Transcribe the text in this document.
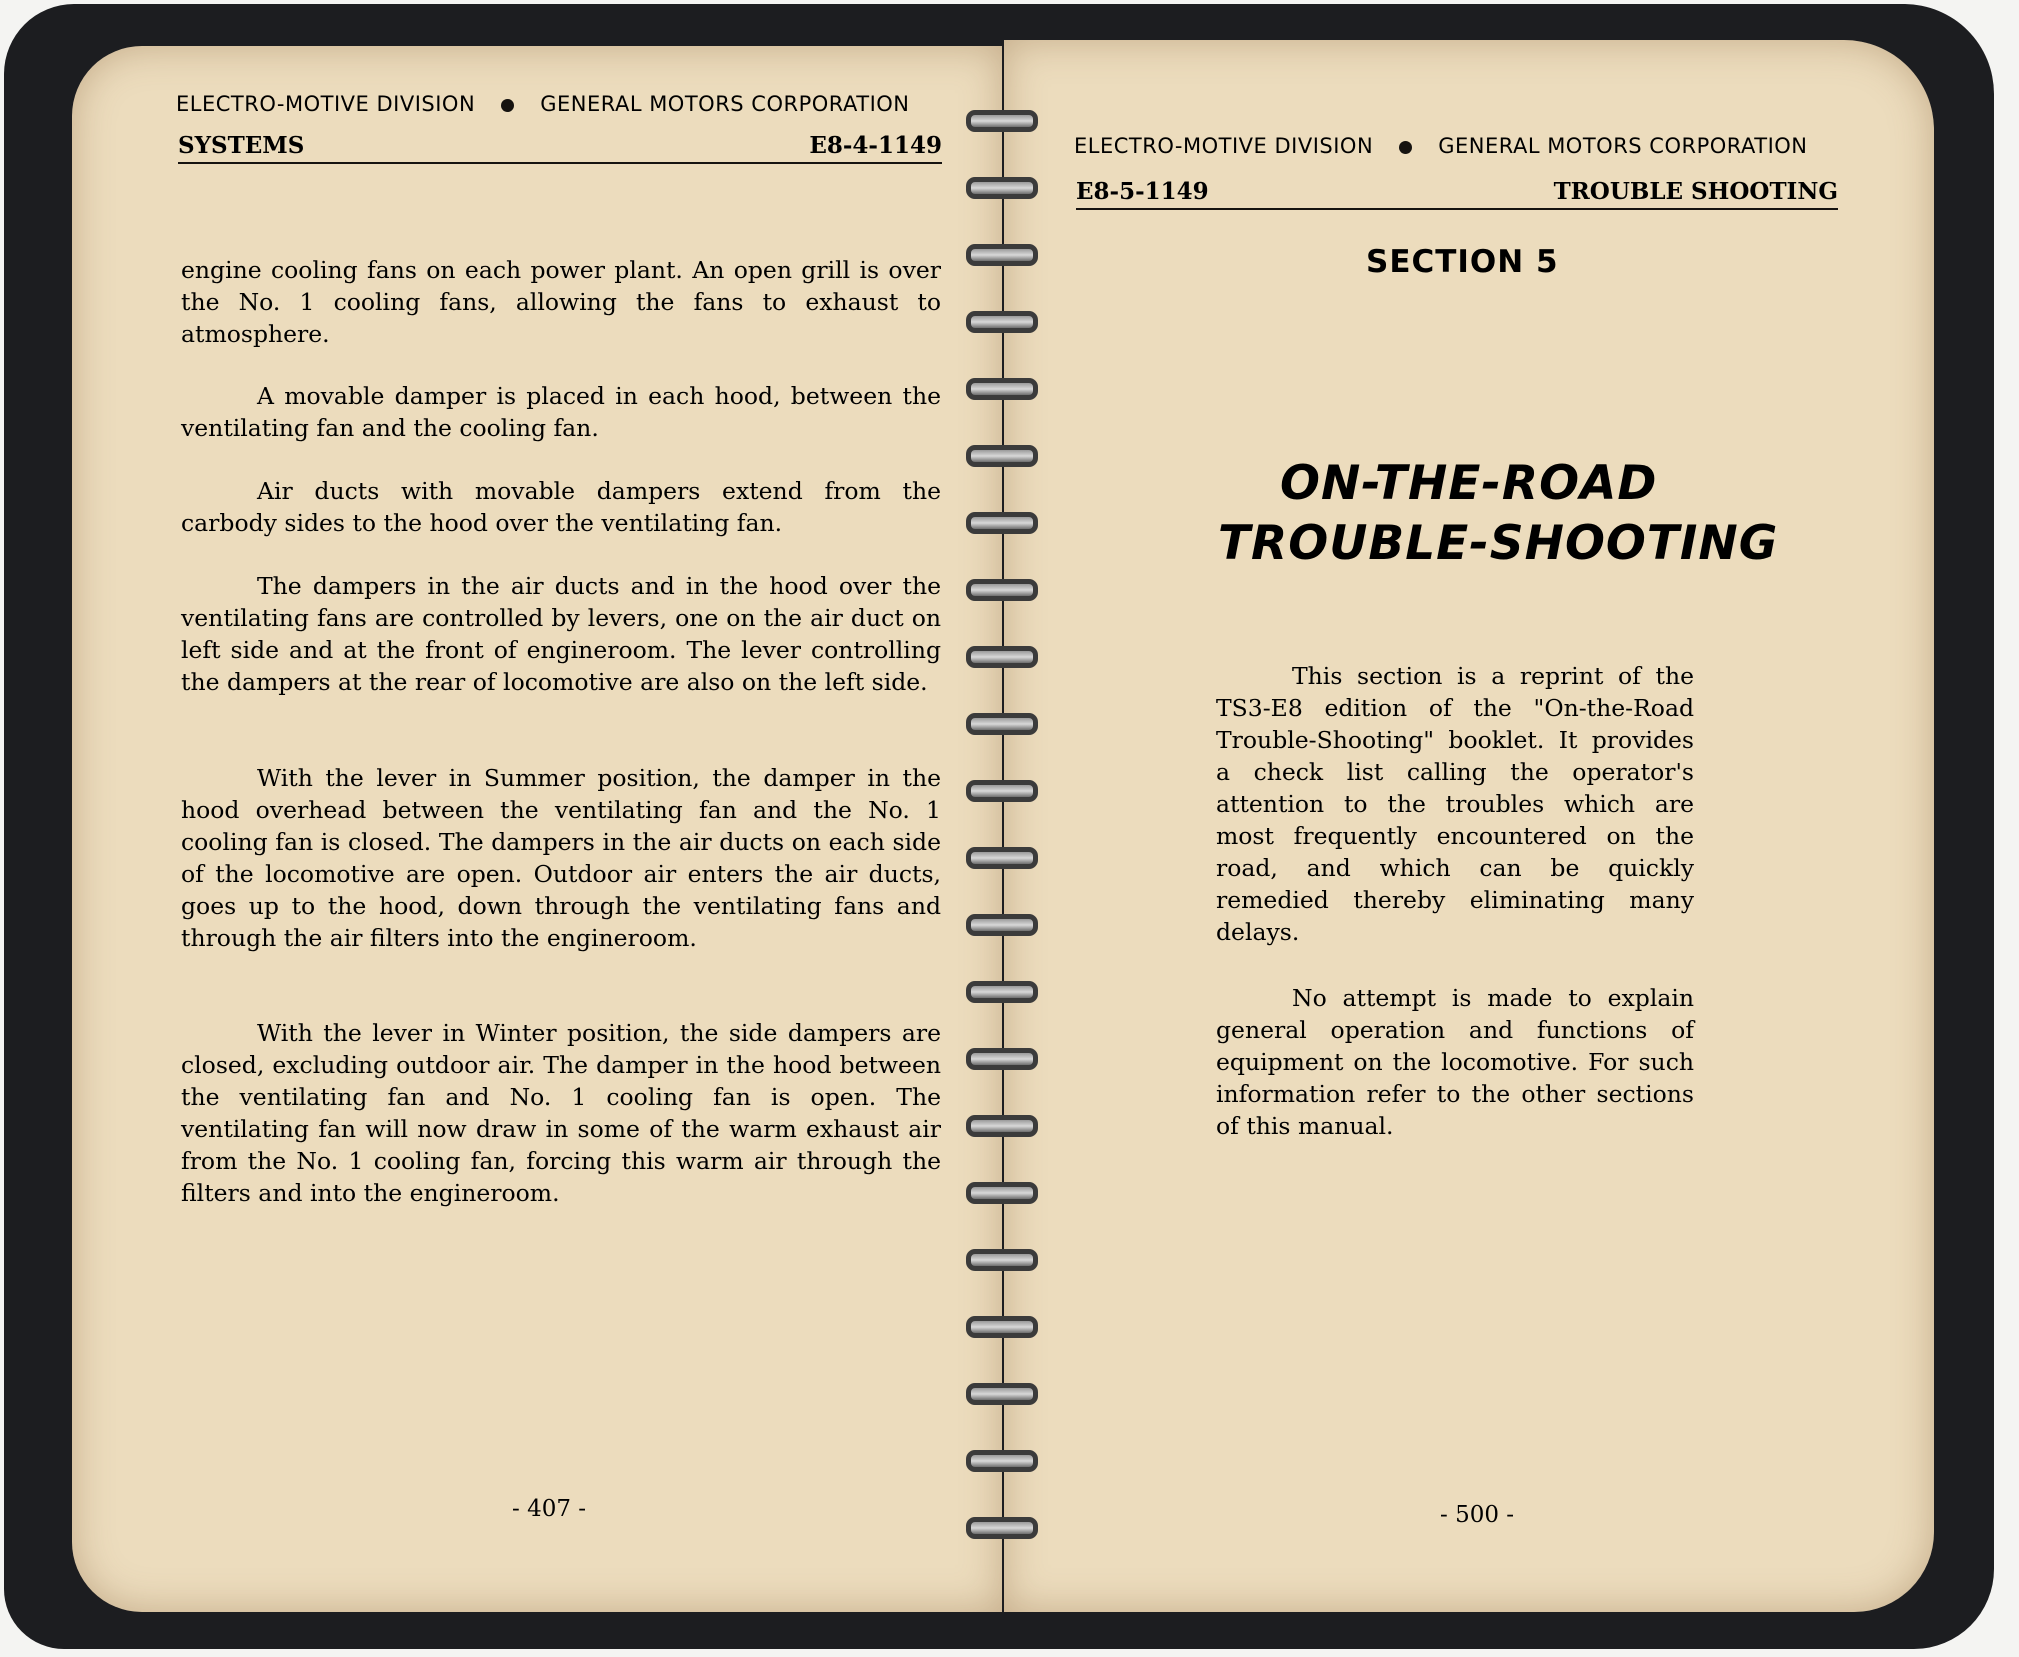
ELECTRO-MOTIVE DIVISION	GENERAL MOTORS CORPORATION
SYSTEMS	E8-4-1149

engine cooling fans on each power plant. An open grill is over the No. 1 cooling fans, allowing the fans to exhaust to atmosphere.

A movable damper is placed in each hood, between the ventilating fan and the cooling fan.

Air ducts with movable dampers extend from the carbody sides to the hood over the ventilating fan.

The dampers in the air ducts and in the hood over the ventilating fans are controlled by levers, one on the air duct on left side and at the front of engineroom. The lever controlling the dampers at the rear of locomotive are also on the left side.

With the lever in Summer position, the damper in the hood overhead between the ventilating fan and the No. 1 cooling fan is closed. The dampers in the air ducts on each side of the locomotive are open. Outdoor air enters the air ducts, goes up to the hood, down through the ventilating fans and through the air filters into the engineroom.

With the lever in Winter position, the side dampers are closed, excluding outdoor air. The damper in the hood between the ventilating fan and No. 1 cooling fan is open. The ventilating fan will now draw in some of the warm exhaust air from the No. 1 cooling fan, forcing this warm air through the filters and into the engineroom.

- 407 -
ELECTRO-MOTIVE DIVISION	GENERAL MOTORS CORPORATION
E8-5-1149	TROUBLE SHOOTING
SECTION 5
ON-THE-ROAD
TROUBLE-SHOOTING

This section is a reprint of the TS3-E8 edition of the "On-the-Road Trouble-Shooting" booklet. It provides a check list calling the operator's attention to the troubles which are most frequently encountered on the road, and which can be quickly remedied thereby eliminating many delays.

No attempt is made to explain general operation and functions of equipment on the locomotive. For such information refer to the other sections of this manual.

- 500 -
